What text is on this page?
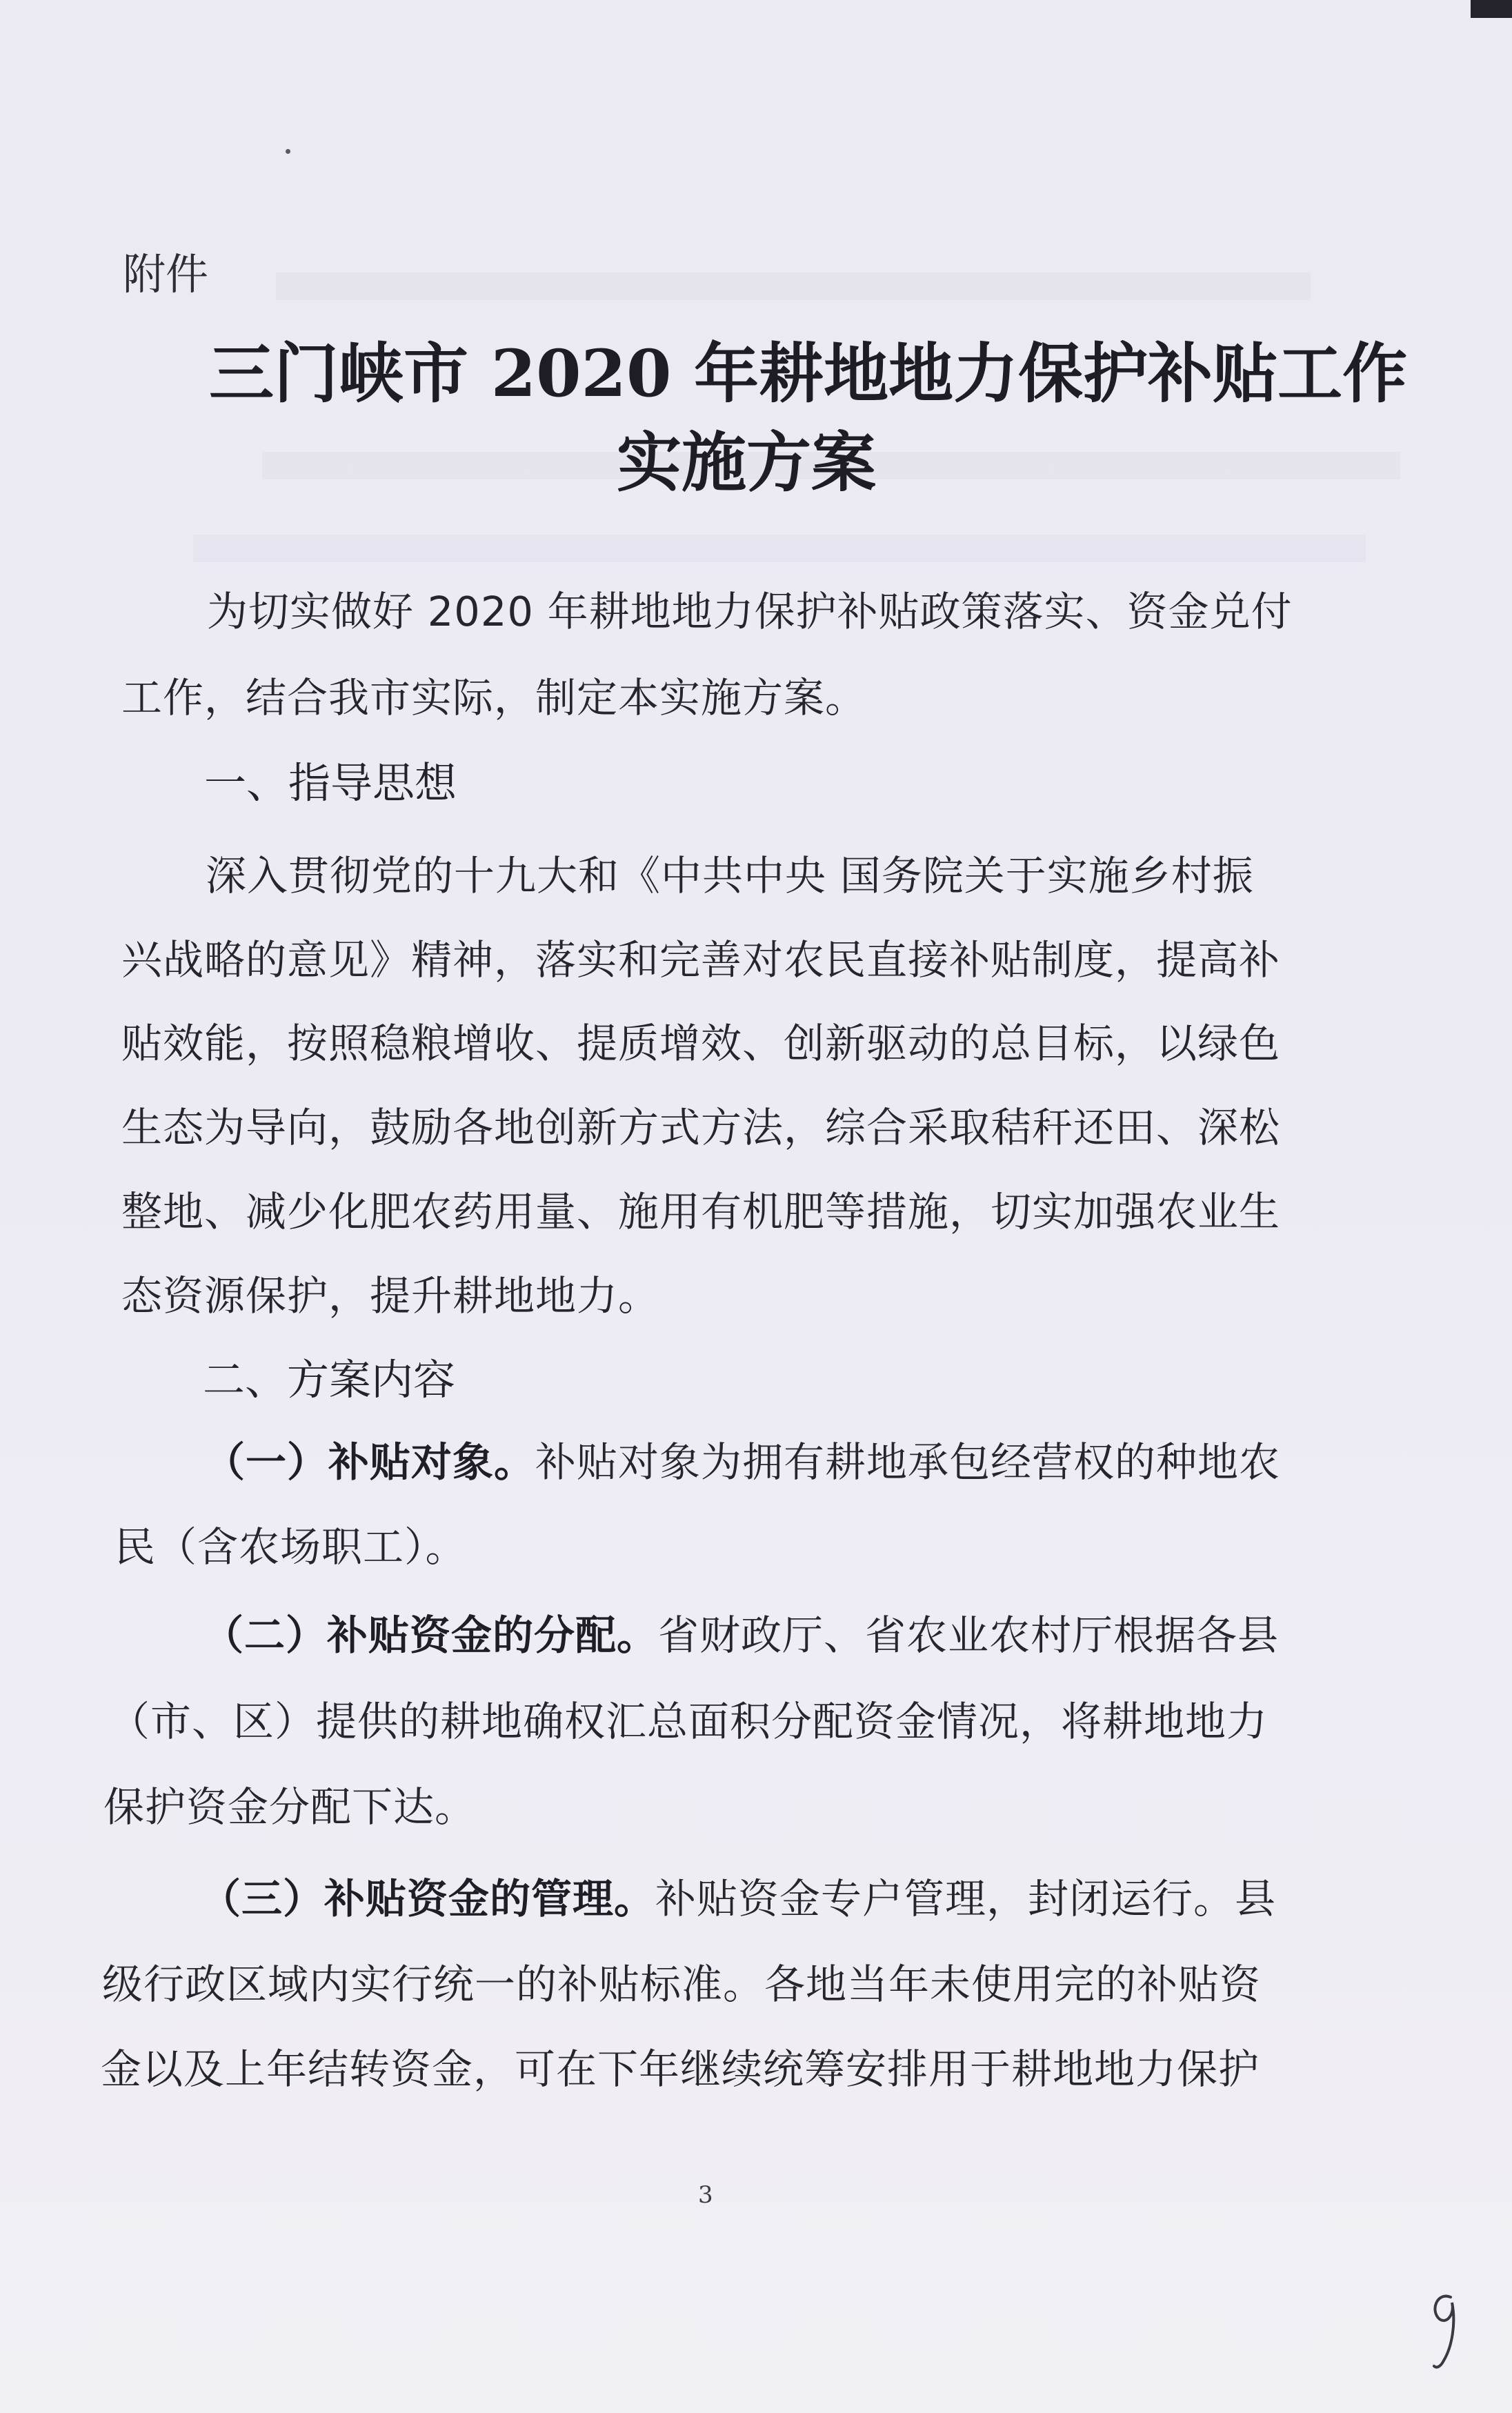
附件
三门峡市 2020 年耕地地力保护补贴工作
实施方案
为切实做好 2020 年耕地地力保护补贴政策落实、资金兑付
工作，结合我市实际，制定本实施方案。
一、指导思想
深入贯彻党的十九大和《中共中央 国务院关于实施乡村振
兴战略的意见》精神，落实和完善对农民直接补贴制度，提高补
贴效能，按照稳粮增收、提质增效、创新驱动的总目标，以绿色
生态为导向，鼓励各地创新方式方法，综合采取秸秆还田、深松
整地、减少化肥农药用量、施用有机肥等措施，切实加强农业生
态资源保护，提升耕地地力。
二、方案内容
（一）补贴对象。补贴对象为拥有耕地承包经营权的种地农
民（含农场职工）。
（二）补贴资金的分配。省财政厅、省农业农村厅根据各县
（市、区）提供的耕地确权汇总面积分配资金情况，将耕地地力
保护资金分配下达。
（三）补贴资金的管理。补贴资金专户管理，封闭运行。县
级行政区域内实行统一的补贴标准。各地当年未使用完的补贴资
金以及上年结转资金，可在下年继续统筹安排用于耕地地力保护
3
